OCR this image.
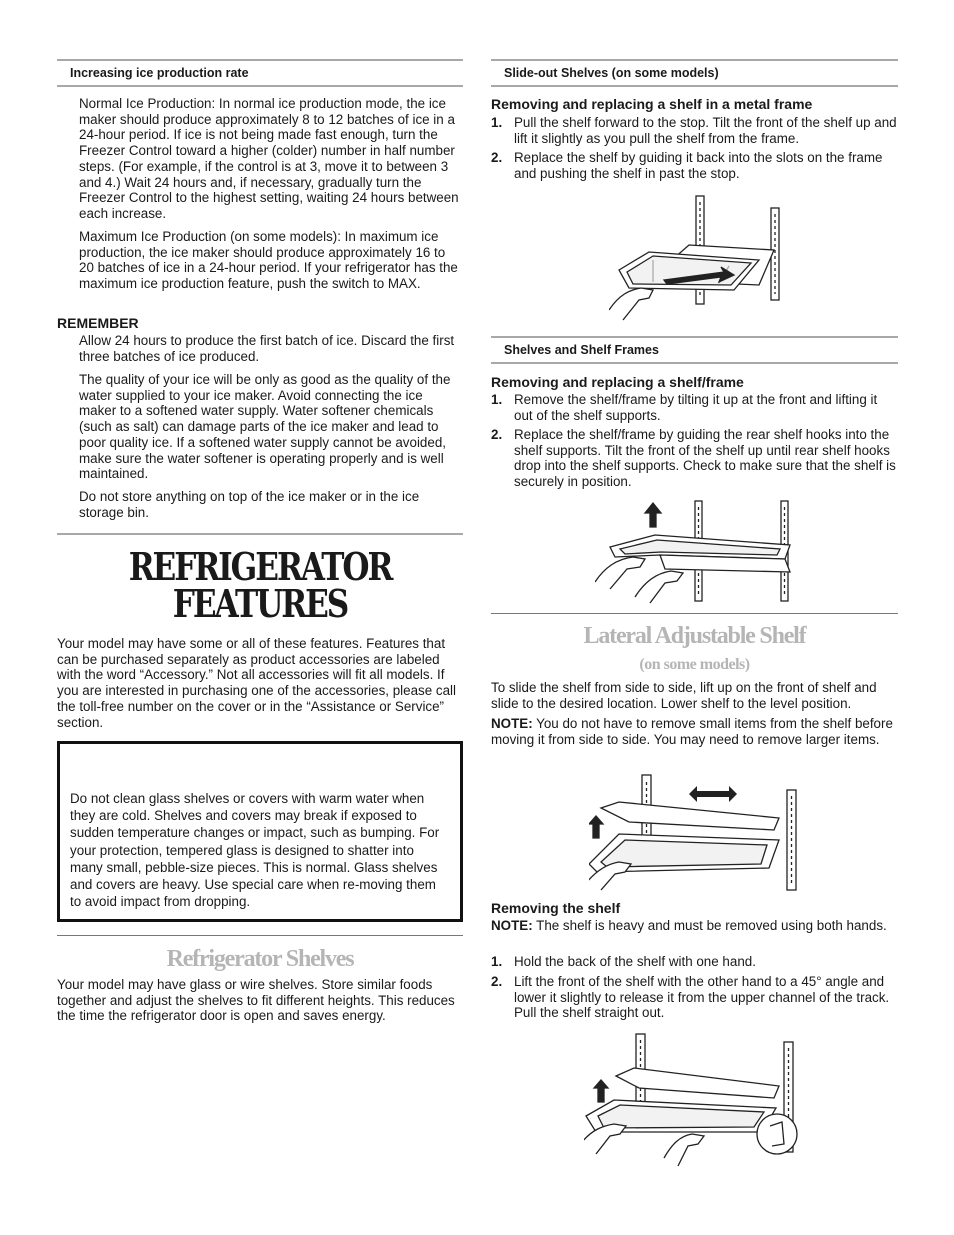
Increasing ice production rate

Normal Ice Production: In normal ice production mode, the ice maker should produce approximately 8 to 12 batches of ice in a 24-hour period. If ice is not being made fast enough, turn the Freezer Control toward a higher (colder) number in half number steps. (For example, if the control is at 3, move it to between 3 and 4.) Wait 24 hours and, if necessary, gradually turn the Freezer Control to the highest setting, waiting 24 hours between each increase.

Maximum Ice Production (on some models): In maximum ice production, the ice maker should produce approximately 16 to 20 batches of ice in a 24-hour period. If your refrigerator has the maximum ice production feature, push the switch to MAX.

REMEMBER

Allow 24 hours to produce the first batch of ice. Discard the first three batches of ice produced.

The quality of your ice will be only as good as the quality of the water supplied to your ice maker. Avoid connecting the ice maker to a softened water supply. Water softener chemicals (such as salt) can damage parts of the ice maker and lead to poor quality ice. If a softened water supply cannot be avoided, make sure the water softener is operating properly and is well maintained.

Do not store anything on top of the ice maker or in the ice storage bin.

REFRIGERATOR
FEATURES

Your model may have some or all of these features. Features that can be purchased separately as product accessories are labeled with the word “Accessory.” Not all accessories will fit all models. If you are interested in purchasing one of the accessories, please call the toll-free number on the cover or in the “Assistance or Service” section.

Do not clean glass shelves or covers with warm water when they are cold. Shelves and covers may break if exposed to sudden temperature changes or impact, such as bumping. For your protection, tempered glass is designed to shatter into many small, pebble-size pieces. This is normal. Glass shelves and covers are heavy. Use special care when re-moving them to avoid impact from dropping.

Refrigerator Shelves

Your model may have glass or wire shelves. Store similar foods together and adjust the shelves to fit different heights. This reduces the time the refrigerator door is open and saves energy.

Slide-out Shelves (on some models)

Removing and replacing a shelf in a metal frame

1. Pull the shelf forward to the stop. Tilt the front of the shelf up and lift it slightly as you pull the shelf from the frame.

2. Replace the shelf by guiding it back into the slots on the frame and pushing the shelf in past the stop.

Shelves and Shelf Frames

Removing and replacing a shelf/frame

1. Remove the shelf/frame by tilting it up at the front and lifting it out of the shelf supports.

2. Replace the shelf/frame by guiding the rear shelf hooks into the shelf supports. Tilt the front of the shelf up until rear shelf hooks drop into the shelf supports. Check to make sure that the shelf is securely in position.

Lateral Adjustable Shelf
(on some models)

To slide the shelf from side to side, lift up on the front of shelf and slide to the desired location. Lower shelf to the level position.

NOTE: You do not have to remove small items from the shelf before moving it from side to side. You may need to remove larger items.

Removing the shelf

NOTE: The shelf is heavy and must be removed using both hands.

1. Hold the back of the shelf with one hand.

2. Lift the front of the shelf with the other hand to a 45° angle and lower it slightly to release it from the upper channel of the track. Pull the shelf straight out.
